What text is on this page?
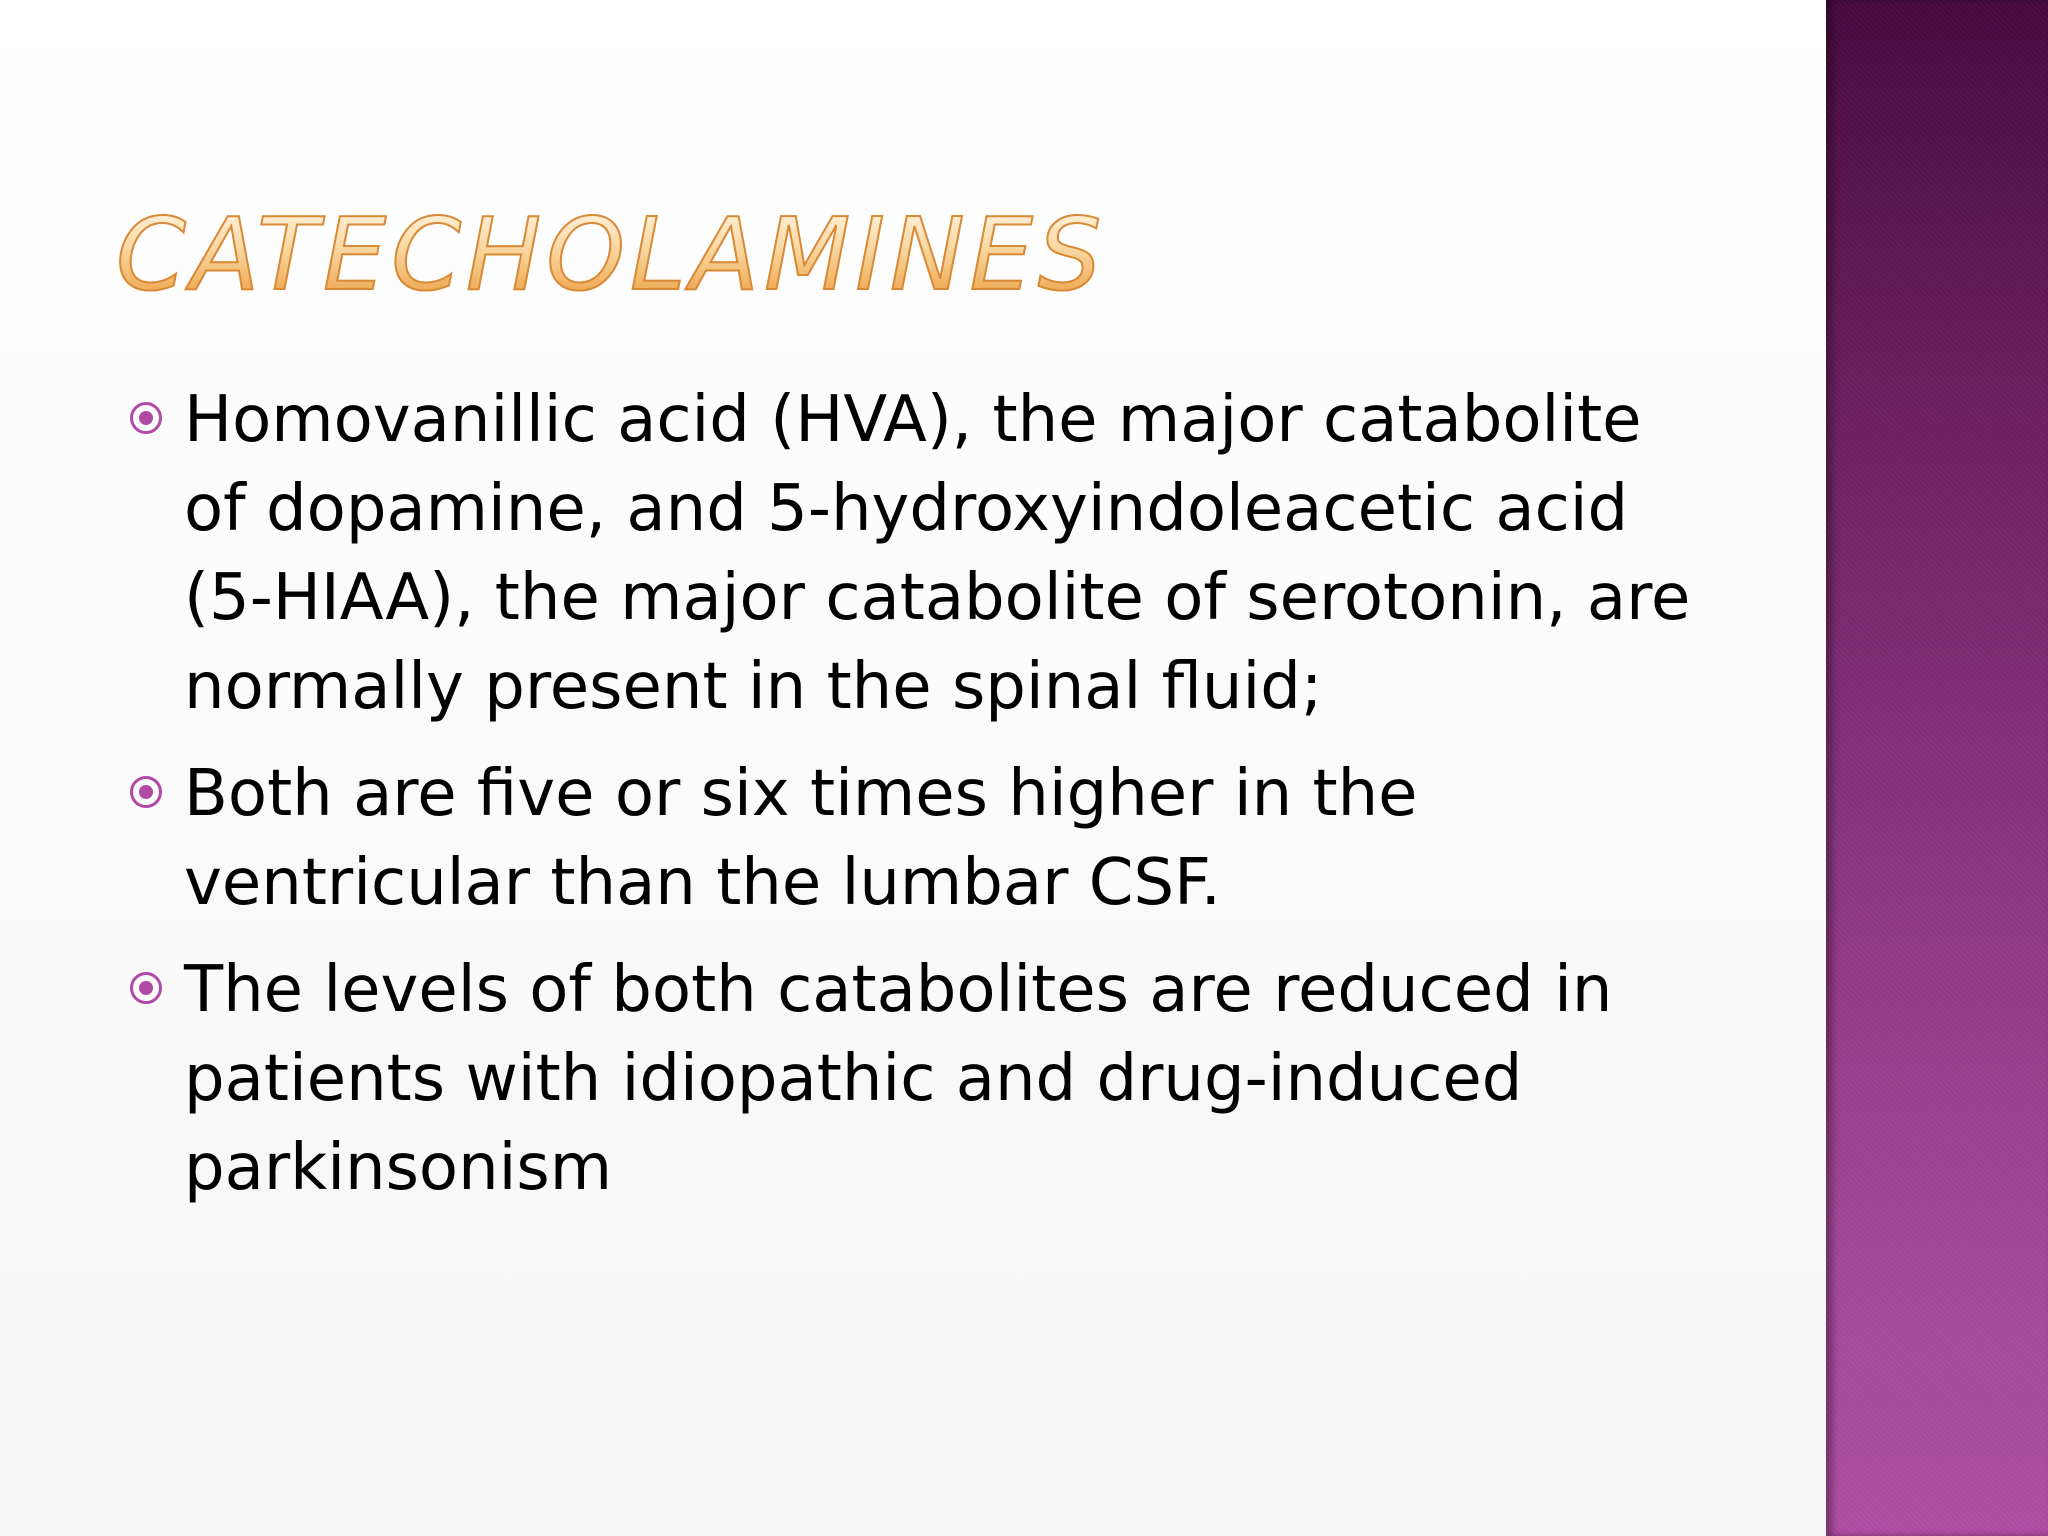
CATECHOLAMINES
Homovanillic acid (HVA), the major catabolite of dopamine, and 5-hydroxyindoleacetic acid (5-HIAA), the major catabolite of serotonin, are normally present in the spinal fluid;
Both are five or six times higher in the ventricular than the lumbar CSF.
The levels of both catabolites are reduced in patients with idiopathic and drug-induced parkinsonism
